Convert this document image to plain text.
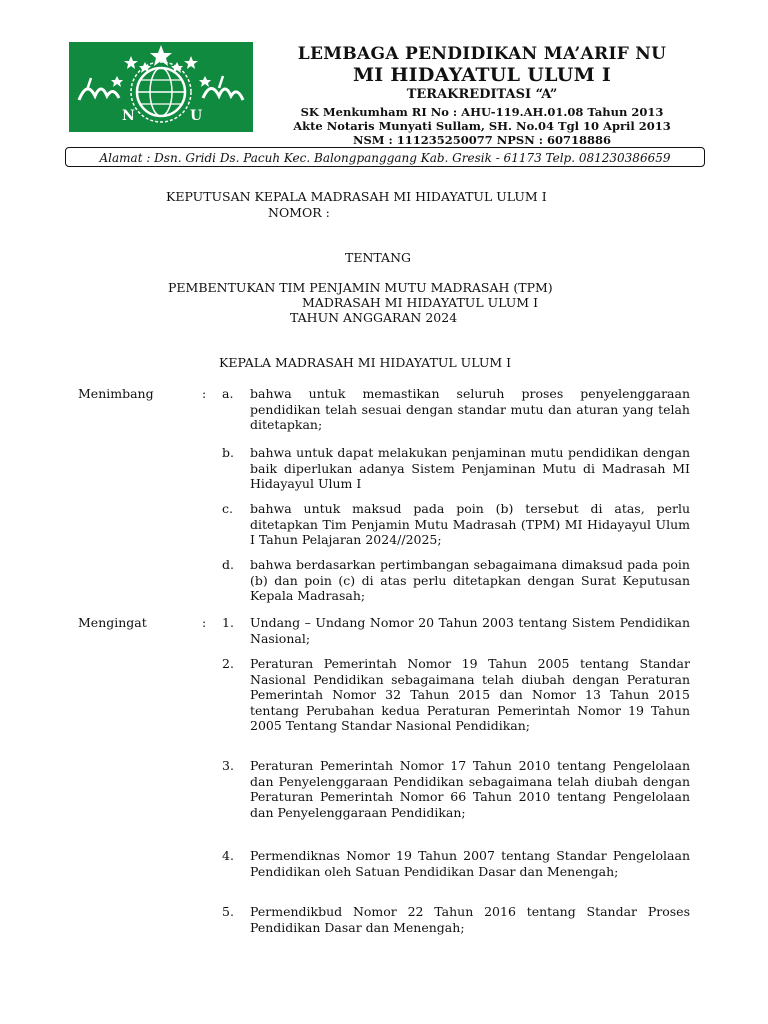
N	U
LEMBAGA PENDIDIKAN MA’ARIF NU
MI HIDAYATUL ULUM I
TERAKREDITASI “A”
SK Menkumham RI No : AHU-119.AH.01.08 Tahun 2013
Akte Notaris Munyati Sullam, SH. No.04 Tgl 10 April 2013
NSM : 111235250077 NPSN : 60718886
Alamat : Dsn. Gridi Ds. Pacuh Kec. Balongpanggang Kab. Gresik - 61173 Telp. 081230386659
KEPUTUSAN KEPALA MADRASAH MI HIDAYATUL ULUM I
NOMOR :
TENTANG
PEMBENTUKAN TIM PENJAMIN MUTU MADRASAH (TPM)
MADRASAH MI HIDAYATUL ULUM I
TAHUN ANGGARAN 2024
KEPALA MADRASAH MI HIDAYATUL ULUM I
Menimbang	: a. bahwa untuk memastikan seluruh proses penyelenggaraan pendidikan telah sesuai dengan standar mutu dan aturan yang telah ditetapkan;
b. bahwa untuk dapat melakukan penjaminan mutu pendidikan dengan baik diperlukan adanya Sistem Penjaminan Mutu di Madrasah MI Hidayayul Ulum I
c. bahwa untuk maksud pada poin (b) tersebut di atas, perlu ditetapkan Tim Penjamin Mutu Madrasah (TPM) MI Hidayayul Ulum I Tahun Pelajaran 2024//2025;
d. bahwa berdasarkan pertimbangan sebagaimana dimaksud pada poin (b) dan poin (c) di atas perlu ditetapkan dengan Surat Keputusan Kepala Madrasah;
Mengingat	: 1. Undang – Undang Nomor 20 Tahun 2003 tentang Sistem Pendidikan Nasional;
2. Peraturan Pemerintah Nomor 19 Tahun 2005 tentang Standar Nasional Pendidikan sebagaimana telah diubah dengan Peraturan Pemerintah Nomor 32 Tahun 2015 dan Nomor 13 Tahun 2015 tentang Perubahan kedua Peraturan Pemerintah Nomor 19 Tahun 2005 Tentang Standar Nasional Pendidikan;
3. Peraturan Pemerintah Nomor 17 Tahun 2010 tentang Pengelolaan dan Penyelenggaraan Pendidikan sebagaimana telah diubah dengan Peraturan Pemerintah Nomor 66 Tahun 2010 tentang Pengelolaan dan Penyelenggaraan Pendidikan;
4. Permendiknas Nomor 19 Tahun 2007 tentang Standar Pengelolaan Pendidikan oleh Satuan Pendidikan Dasar dan Menengah;
5. Permendikbud Nomor 22 Tahun 2016 tentang Standar Proses Pendidikan Dasar dan Menengah;
